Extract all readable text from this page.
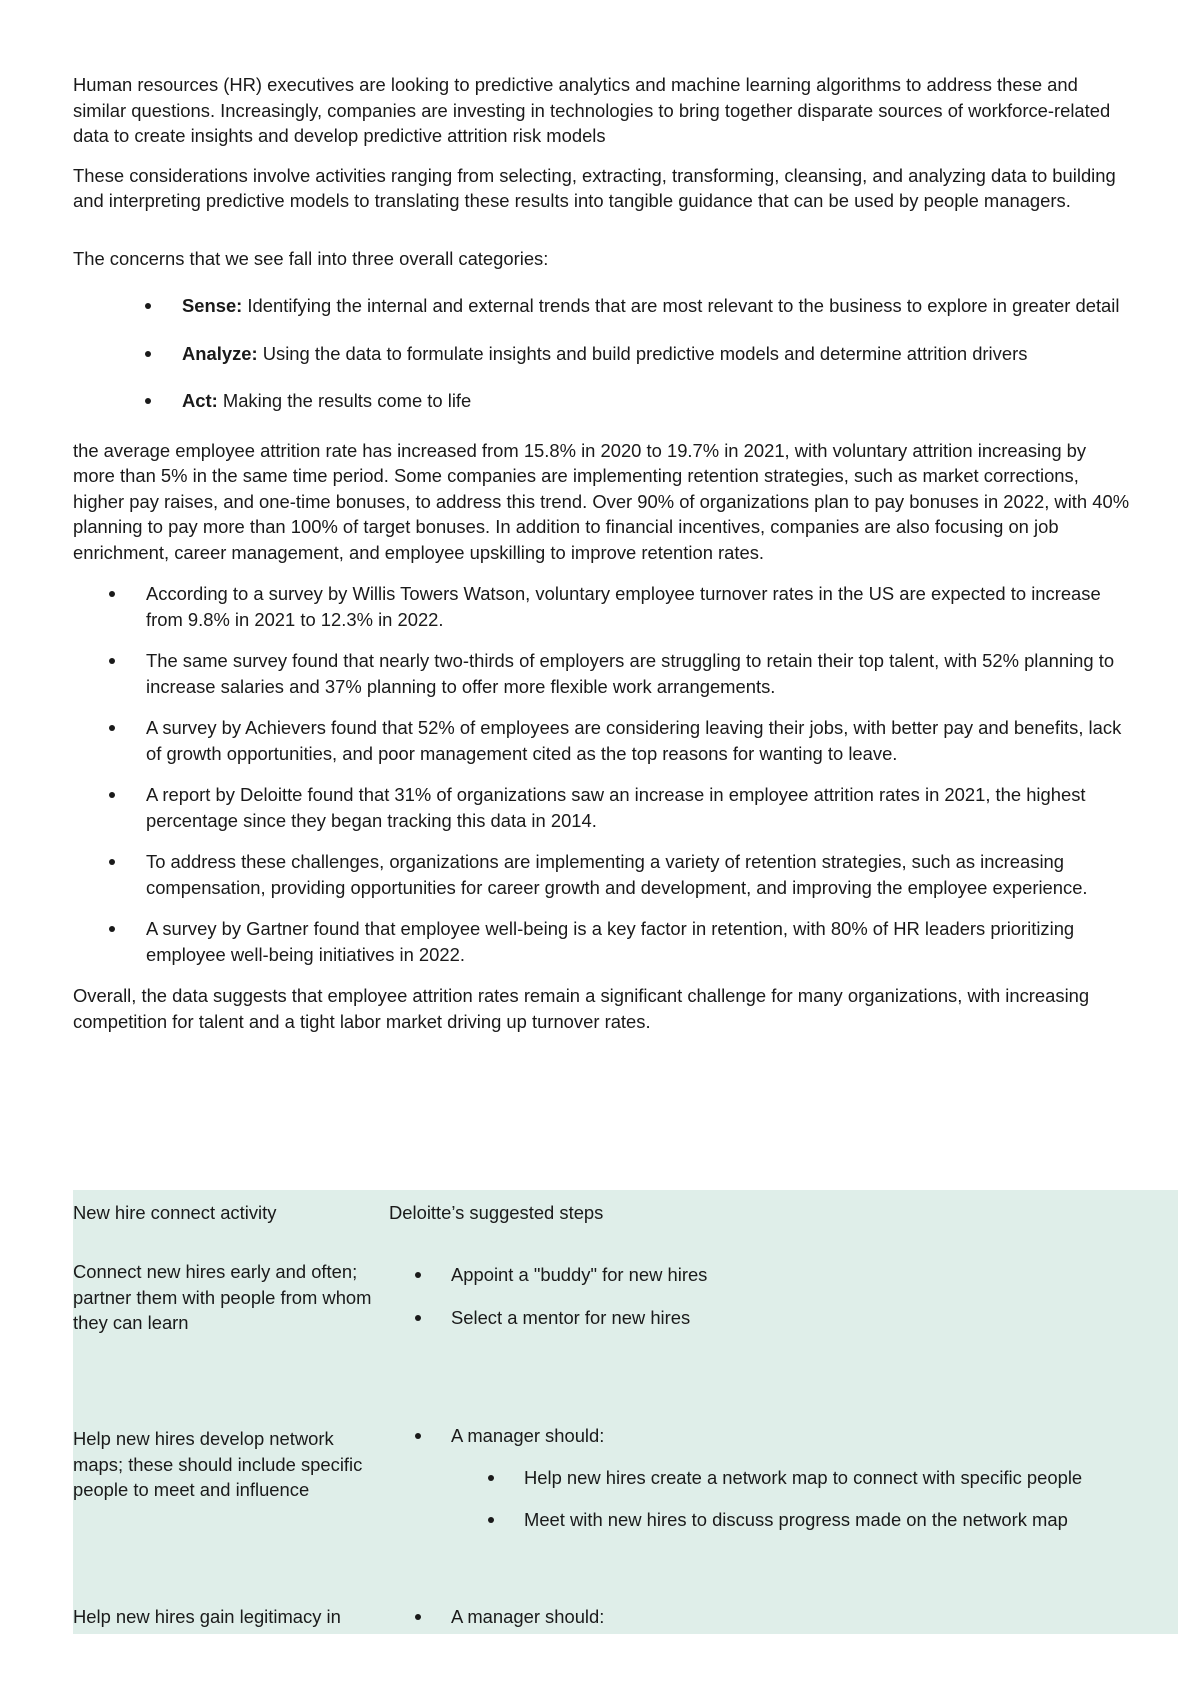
Human resources (HR) executives are looking to predictive analytics and machine learning algorithms to address these and similar questions. Increasingly, companies are investing in technologies to bring together disparate sources of workforce-related data to create insights and develop predictive attrition risk models

These considerations involve activities ranging from selecting, extracting, transforming, cleansing, and analyzing data to building and interpreting predictive models to translating these results into tangible guidance that can be used by people managers.

The concerns that we see fall into three overall categories:

Sense: Identifying the internal and external trends that are most relevant to the business to explore in greater detail
Analyze: Using the data to formulate insights and build predictive models and determine attrition drivers
Act: Making the results come to life

the average employee attrition rate has increased from 15.8% in 2020 to 19.7% in 2021, with voluntary attrition increasing by more than 5% in the same time period. Some companies are implementing retention strategies, such as market corrections, higher pay raises, and one-time bonuses, to address this trend. Over 90% of organizations plan to pay bonuses in 2022, with 40% planning to pay more than 100% of target bonuses. In addition to financial incentives, companies are also focusing on job enrichment, career management, and employee upskilling to improve retention rates.

According to a survey by Willis Towers Watson, voluntary employee turnover rates in the US are expected to increase from 9.8% in 2021 to 12.3% in 2022.
The same survey found that nearly two-thirds of employers are struggling to retain their top talent, with 52% planning to increase salaries and 37% planning to offer more flexible work arrangements.
A survey by Achievers found that 52% of employees are considering leaving their jobs, with better pay and benefits, lack of growth opportunities, and poor management cited as the top reasons for wanting to leave.
A report by Deloitte found that 31% of organizations saw an increase in employee attrition rates in 2021, the highest percentage since they began tracking this data in 2014.
To address these challenges, organizations are implementing a variety of retention strategies, such as increasing compensation, providing opportunities for career growth and development, and improving the employee experience.
A survey by Gartner found that employee well-being is a key factor in retention, with 80% of HR leaders prioritizing employee well-being initiatives in 2022.

Overall, the data suggests that employee attrition rates remain a significant challenge for many organizations, with increasing competition for talent and a tight labor market driving up turnover rates.

New hire connect activity	Deloitte’s suggested steps
Connect new hires early and often; partner them with people from whom they can learn
Appoint a "buddy" for new hires
Select a mentor for new hires
Help new hires develop network maps; these should include specific people to meet and influence
A manager should:
Help new hires create a network map to connect with specific people
Meet with new hires to discuss progress made on the network map
Help new hires gain legitimacy in	A manager should:
